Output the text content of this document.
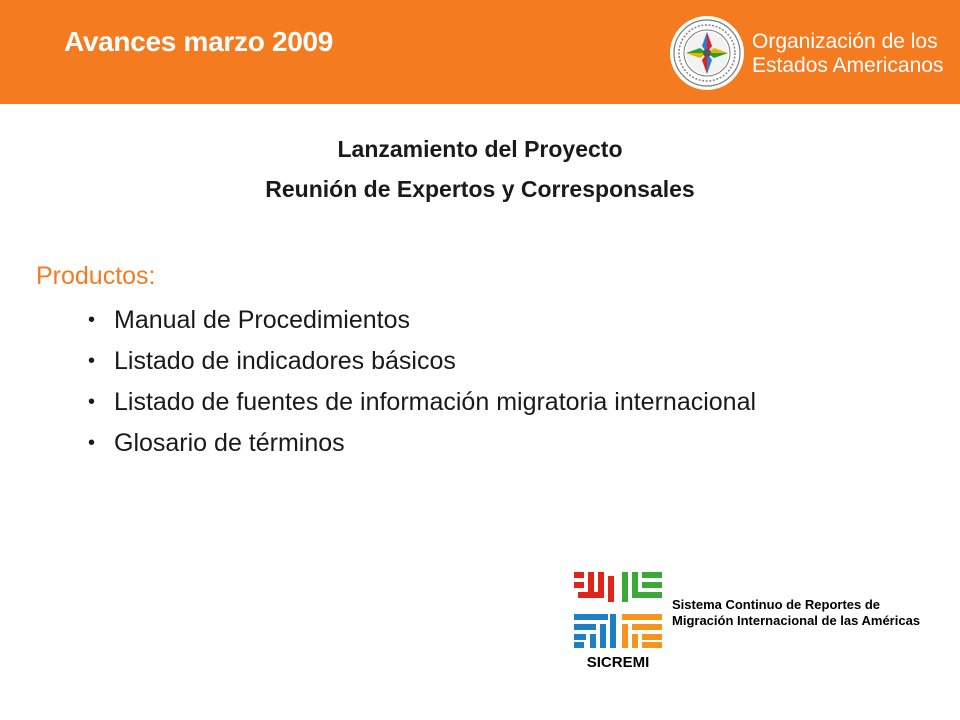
Avances marzo 2009	Organización de los
Estados Americanos
Lanzamiento del Proyecto
Reunión de Expertos y Corresponsales
Productos:
• Manual de Procedimientos
• Listado de indicadores básicos
• Listado de fuentes de información migratoria internacional
• Glosario de términos
SICREMI
Sistema Continuo de Reportes de
Migración Internacional de las Américas
